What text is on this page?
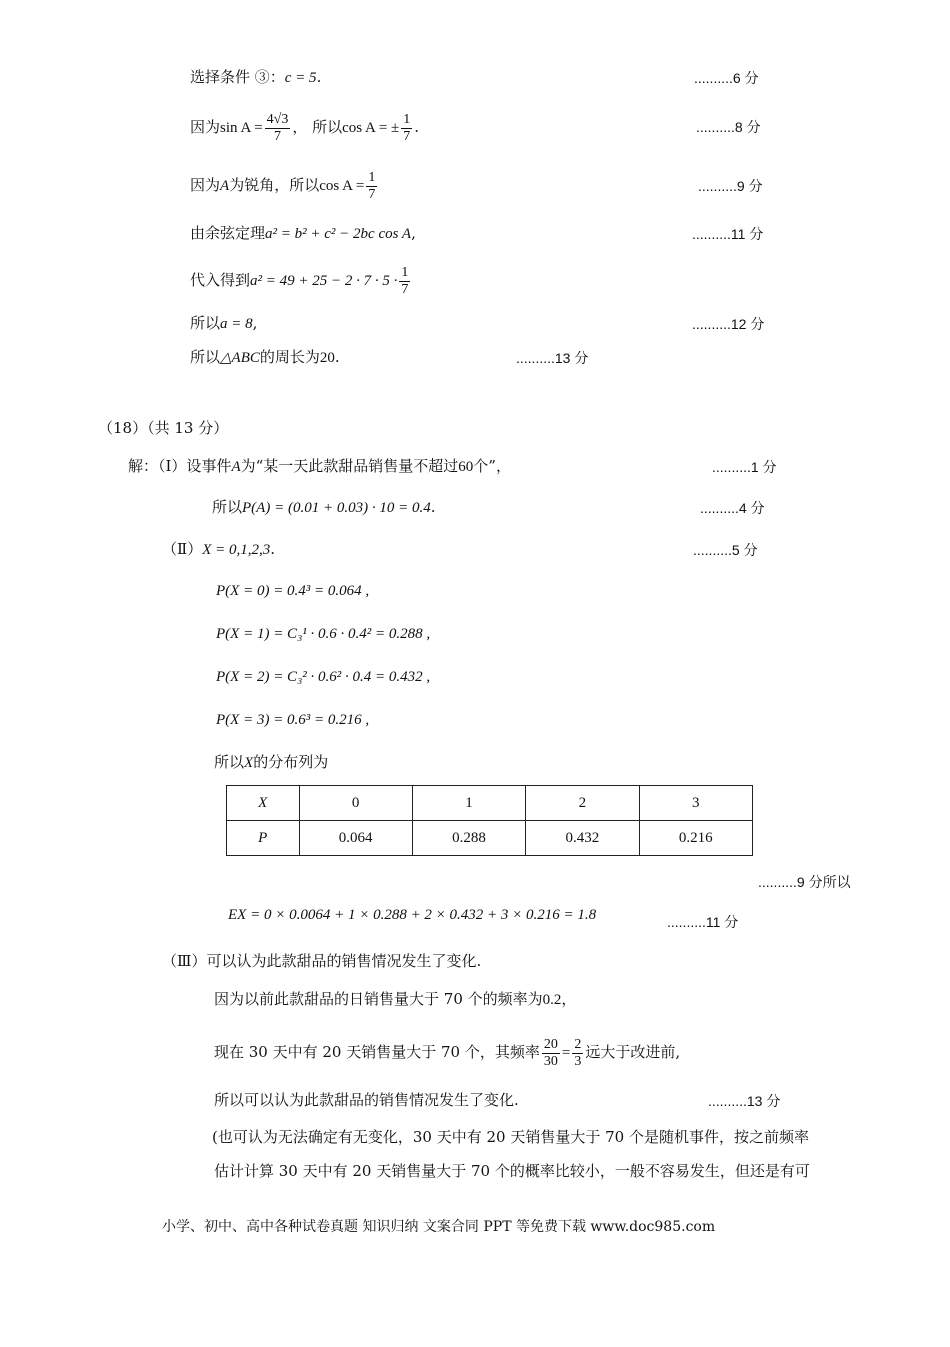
选择条件 ③：c = 5.	..........6 分
因为$\sin A = \frac{4√3}{7}$ ， 所以cos A = ± $\frac{1}{7}$ .	..........8 分
因为A为锐角，所以$\cos A = \frac{1}{7}$	..........9 分
由余弦定理a² = b² + c² − 2bc cos A,	..........11 分
代入得到$a^2 = 49 + 25 - 2 \cdot 7 \cdot 5 \cdot \frac{1}{7}$
所以a = 8,	..........12 分
所以△ABC的周长为20.	..........13 分
（18）（共 13 分）
解：（Ⅰ）设事件A为“某一天此款甜品销售量不超过60个”，	..........1 分
所以P(A) = (0.01 + 0.03) · 10 = 0.4.	..........4 分
（Ⅱ）X = 0,1,2,3.	..........5 分
P(X = 0) = 0.4³ = 0.064 ,
P(X = 1) = C₃¹ · 0.6 · 0.4² = 0.288 ,
P(X = 2) = C₃² · 0.6² · 0.4 = 0.432 ,
P(X = 3) = 0.6³ = 0.216 ,
所以X的分布列为
X	0	1	2	3
P	0.064	0.288	0.432	0.216
..........9 分所以
EX = 0 × 0.0064 + 1 × 0.288 + 2 × 0.432 + 3 × 0.216 = 1.8	..........11 分
（Ⅲ）可以认为此款甜品的销售情况发生了变化.
因为以前此款甜品的日销售量大于 70 个的频率为0.2，
现在 30 天中有 20 天销售量大于 70 个，其频率 $\frac{20}{30} = \frac{2}{3}$ 远大于改进前,
所以可以认为此款甜品的销售情况发生了变化.	..........13 分
(也可认为无法确定有无变化，30 天中有 20 天销售量大于 70 个是随机事件，按之前频率
估计计算 30 天中有 20 天销售量大于 70 个的概率比较小，一般不容易发生，但还是有可
小学、初中、高中各种试卷真题 知识归纳 文案合同 PPT 等免费下载 www.doc985.com
